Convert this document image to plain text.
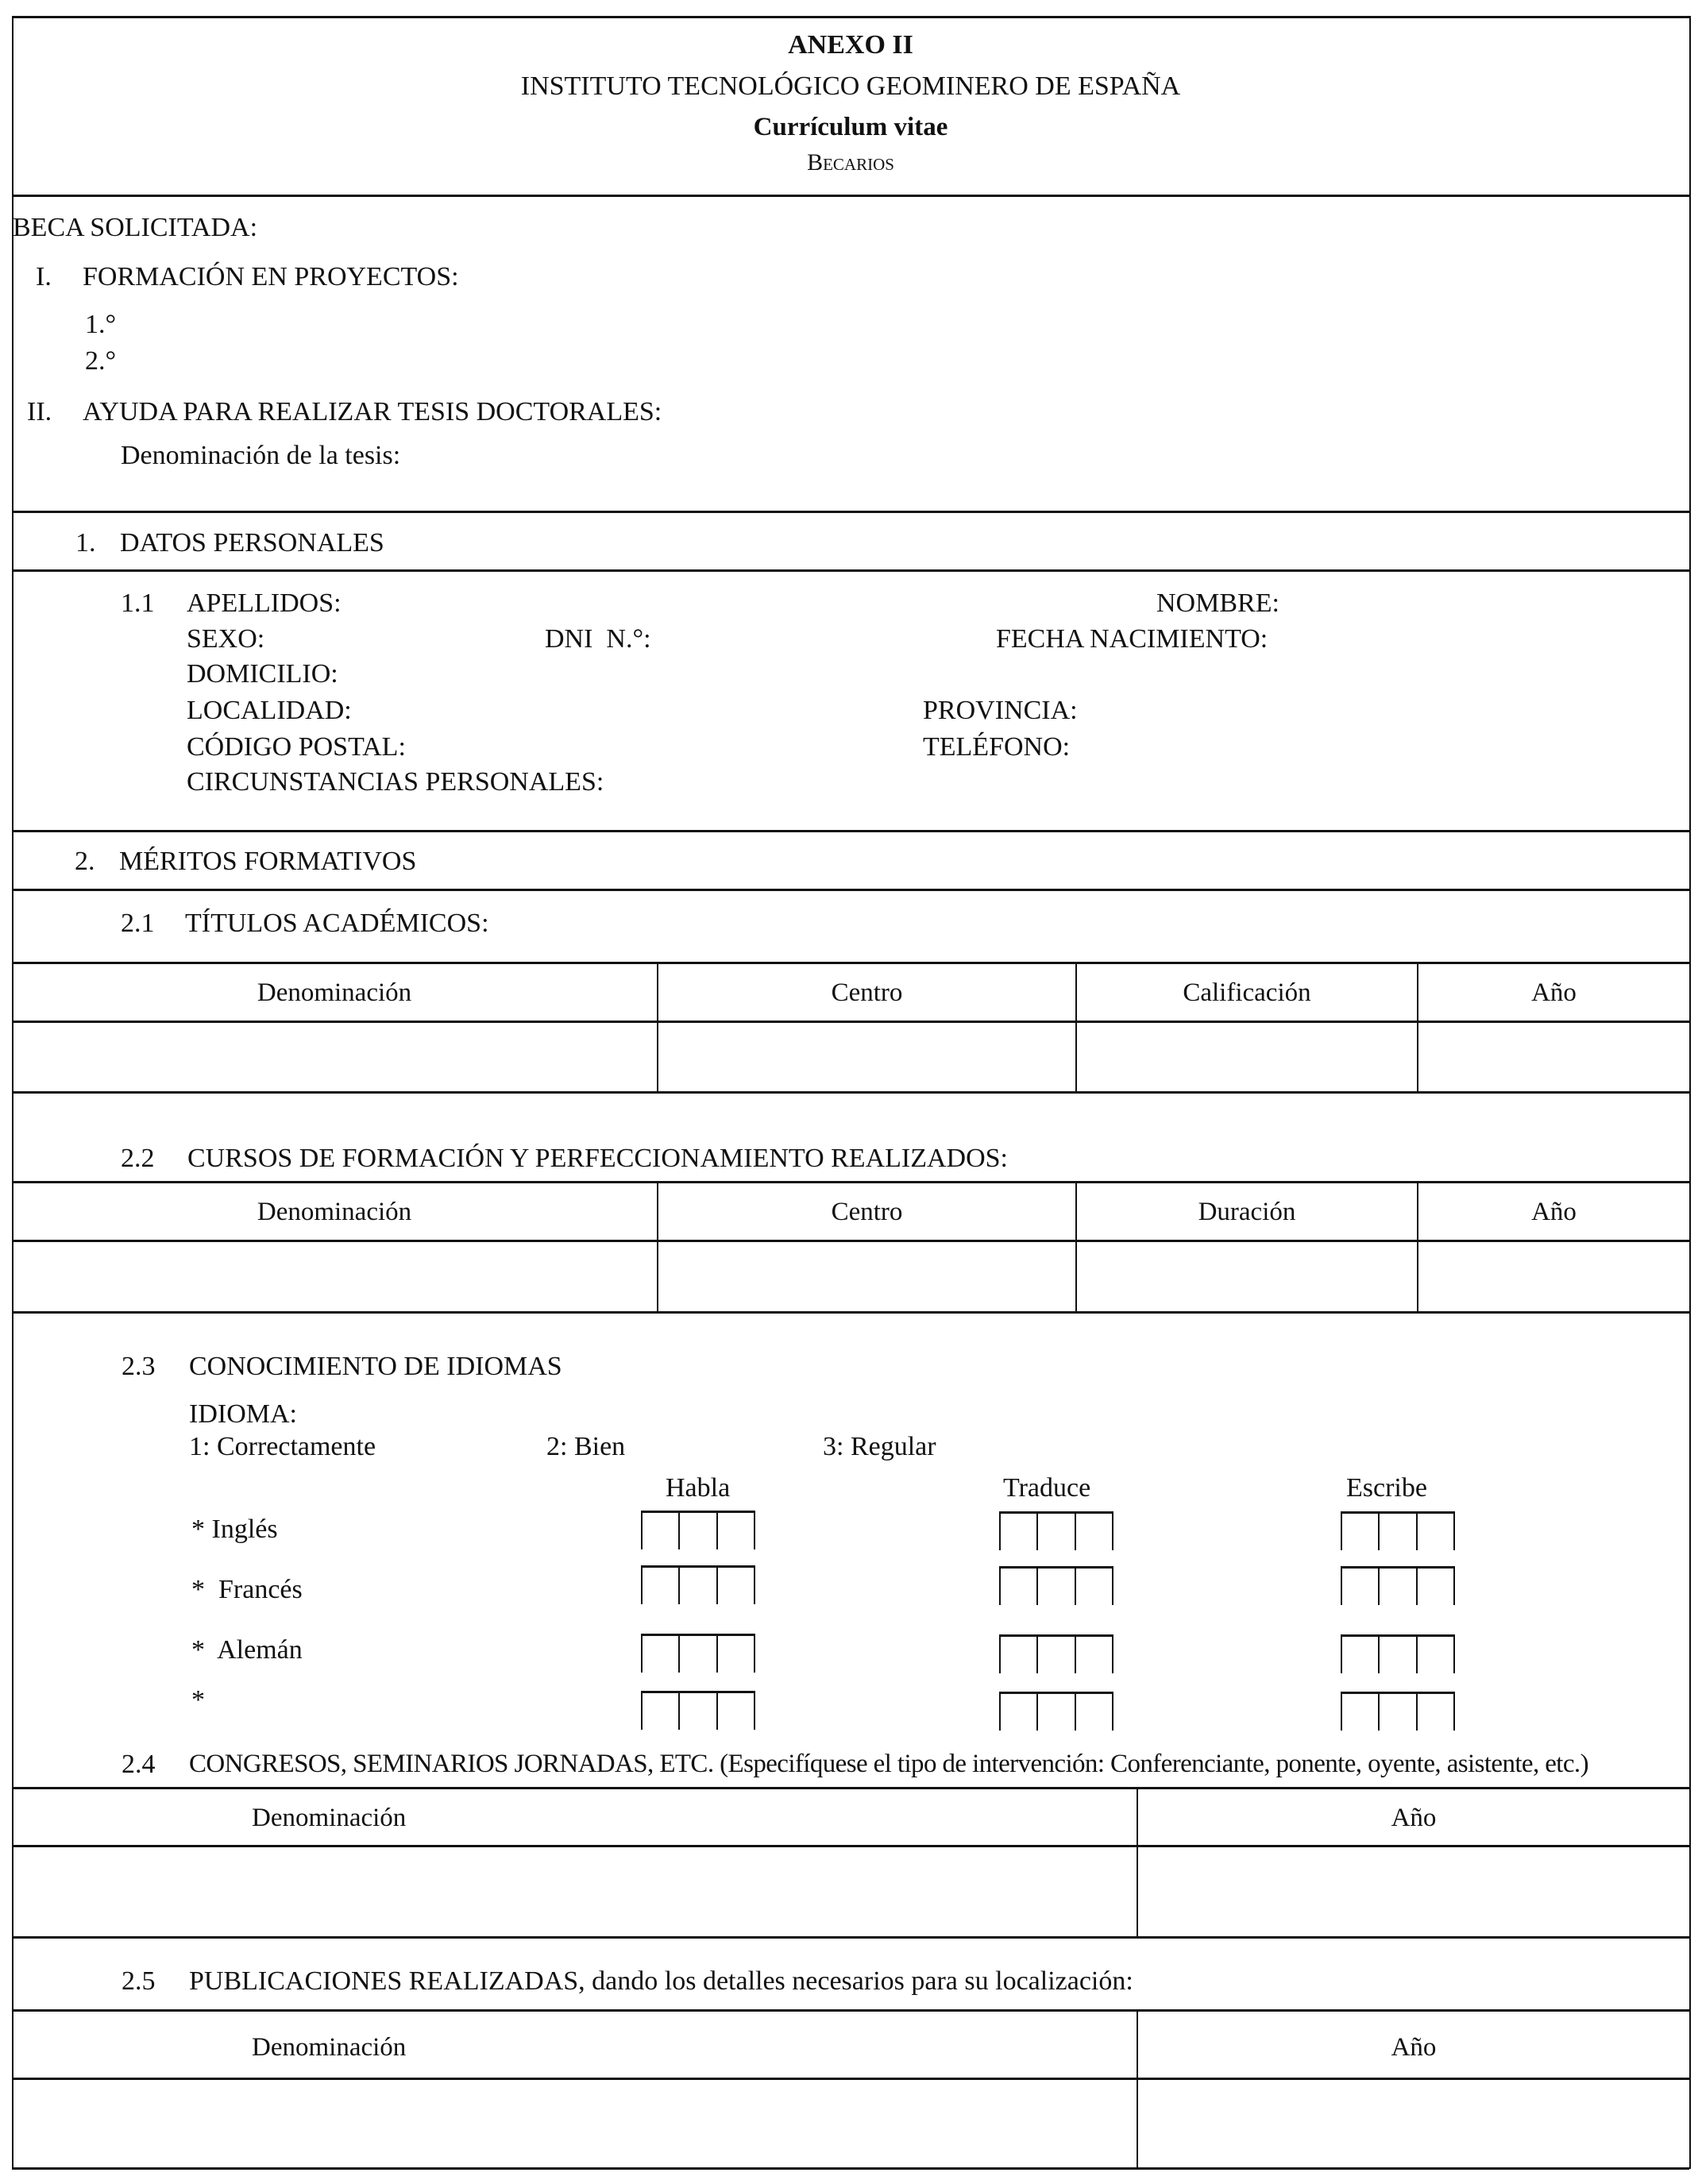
ANEXO II
INSTITUTO TECNOLÓGICO GEOMINERO DE ESPAÑA
Currículum vitae
Becarios
BECA SOLICITADA:
I. FORMACIÓN EN PROYECTOS:
1.°
2.°
II. AYUDA PARA REALIZAR TESIS DOCTORALES:
Denominación de la tesis:
1. DATOS PERSONALES
1.1 APELLIDOS:	NOMBRE:
SEXO:	DNI  N.°:	FECHA NACIMIENTO:
DOMICILIO:
LOCALIDAD:	PROVINCIA:
CÓDIGO POSTAL:	TELÉFONO:
CIRCUNSTANCIAS PERSONALES:
2. MÉRITOS FORMATIVOS
2.1 TÍTULOS ACADÉMICOS:
Denominación	Centro	Calificación	Año
2.2 CURSOS DE FORMACIÓN Y PERFECCIONAMIENTO REALIZADOS:
Denominación	Centro	Duración	Año
2.3 CONOCIMIENTO DE IDIOMAS
IDIOMA:
1: Correctamente	2: Bien	3: Regular
Habla	Traduce	Escribe
* Inglés
*  Francés
*  Alemán
*
2.4 CONGRESOS, SEMINARIOS JORNADAS, ETC. (Especifíquese el tipo de intervención: Conferenciante, ponente, oyente, asistente, etc.)
Denominación	Año
2.5 PUBLICACIONES REALIZADAS, dando los detalles necesarios para su localización:
Denominación	Año
